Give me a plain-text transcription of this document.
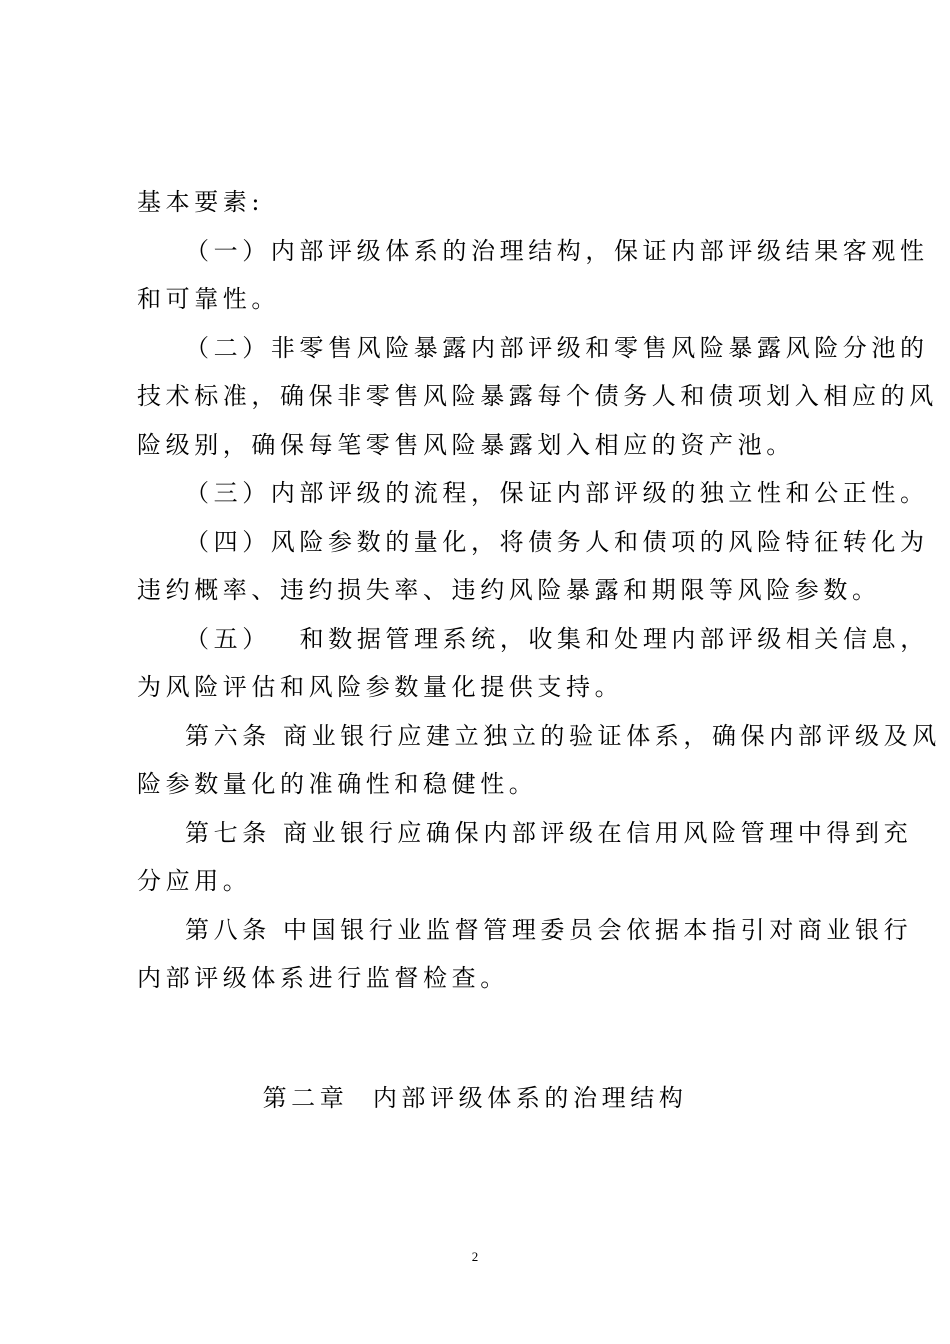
基本要素:
（一）内部评级体系的治理结构，保证内部评级结果客观性
和可靠性。
（二）非零售风险暴露内部评级和零售风险暴露风险分池的
技术标准，确保非零售风险暴露每个债务人和债项划入相应的风
险级别，确保每笔零售风险暴露划入相应的资产池。
（三）内部评级的流程，保证内部评级的独立性和公正性。
（四）风险参数的量化，将债务人和债项的风险特征转化为
违约概率、违约损失率、违约风险暴露和期限等风险参数。
（五）　 和数据管理系统，收集和处理内部评级相关信息，
为风险评估和风险参数量化提供支持。
第六条 商业银行应建立独立的验证体系，确保内部评级及风
险参数量化的准确性和稳健性。
第七条 商业银行应确保内部评级在信用风险管理中得到充
分应用。
第八条 中国银行业监督管理委员会依据本指引对商业银行
内部评级体系进行监督检查。
第二章  内部评级体系的治理结构
2
